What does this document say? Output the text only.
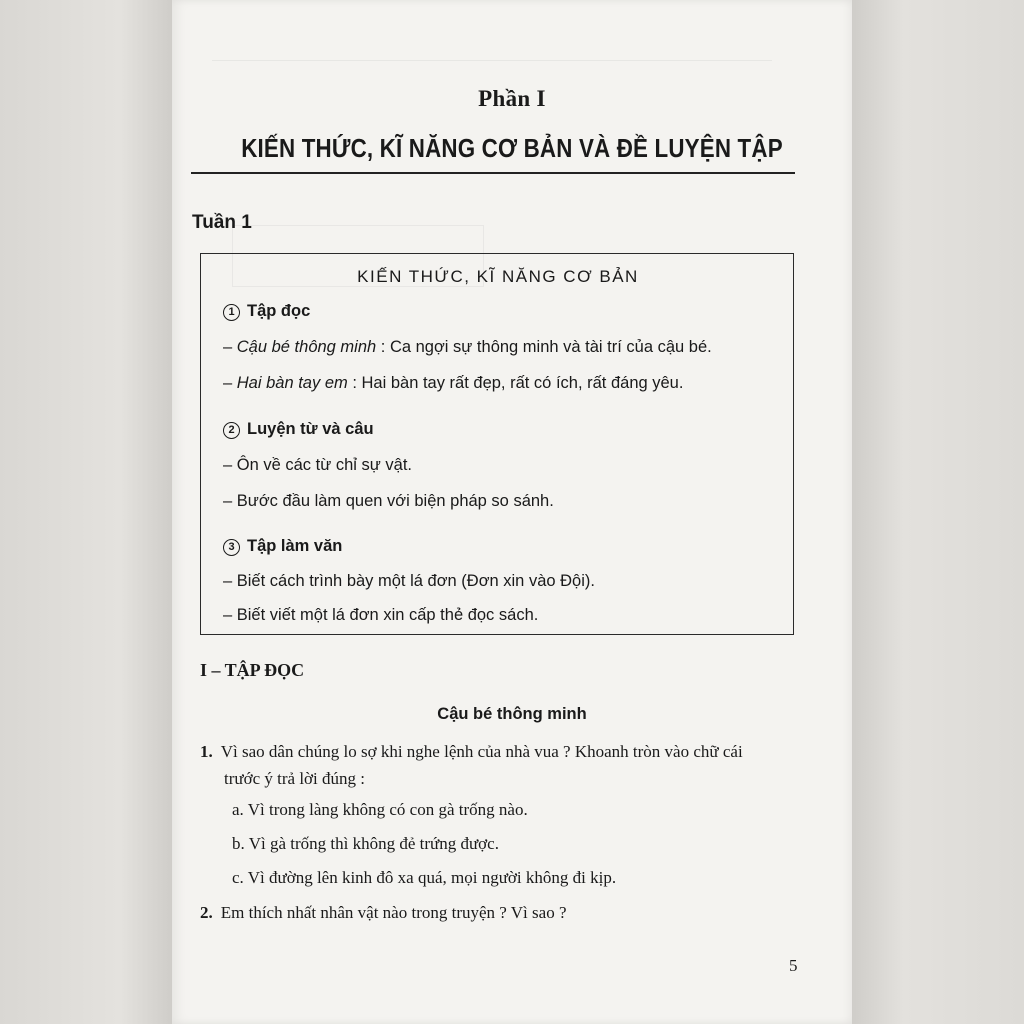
Phần I
KIẾN THỨC, KĨ NĂNG CƠ BẢN VÀ ĐỀ LUYỆN TẬP
Tuần 1
KIẾN THỨC, KĨ NĂNG CƠ BẢN
1 Tập đọc
– Cậu bé thông minh : Ca ngợi sự thông minh và tài trí của cậu bé.
– Hai bàn tay em : Hai bàn tay rất đẹp, rất có ích, rất đáng yêu.
2 Luyện từ và câu
– Ôn về các từ chỉ sự vật.
– Bước đầu làm quen với biện pháp so sánh.
3 Tập làm văn
– Biết cách trình bày một lá đơn (Đơn xin vào Đội).
– Biết viết một lá đơn xin cấp thẻ đọc sách.
I – TẬP ĐỌC
Cậu bé thông minh
1. Vì sao dân chúng lo sợ khi nghe lệnh của nhà vua ? Khoanh tròn vào chữ cái
trước ý trả lời đúng :
a. Vì trong làng không có con gà trống nào.
b. Vì gà trống thì không đẻ trứng được.
c. Vì đường lên kinh đô xa quá, mọi người không đi kịp.
2. Em thích nhất nhân vật nào trong truyện ? Vì sao ?
5
